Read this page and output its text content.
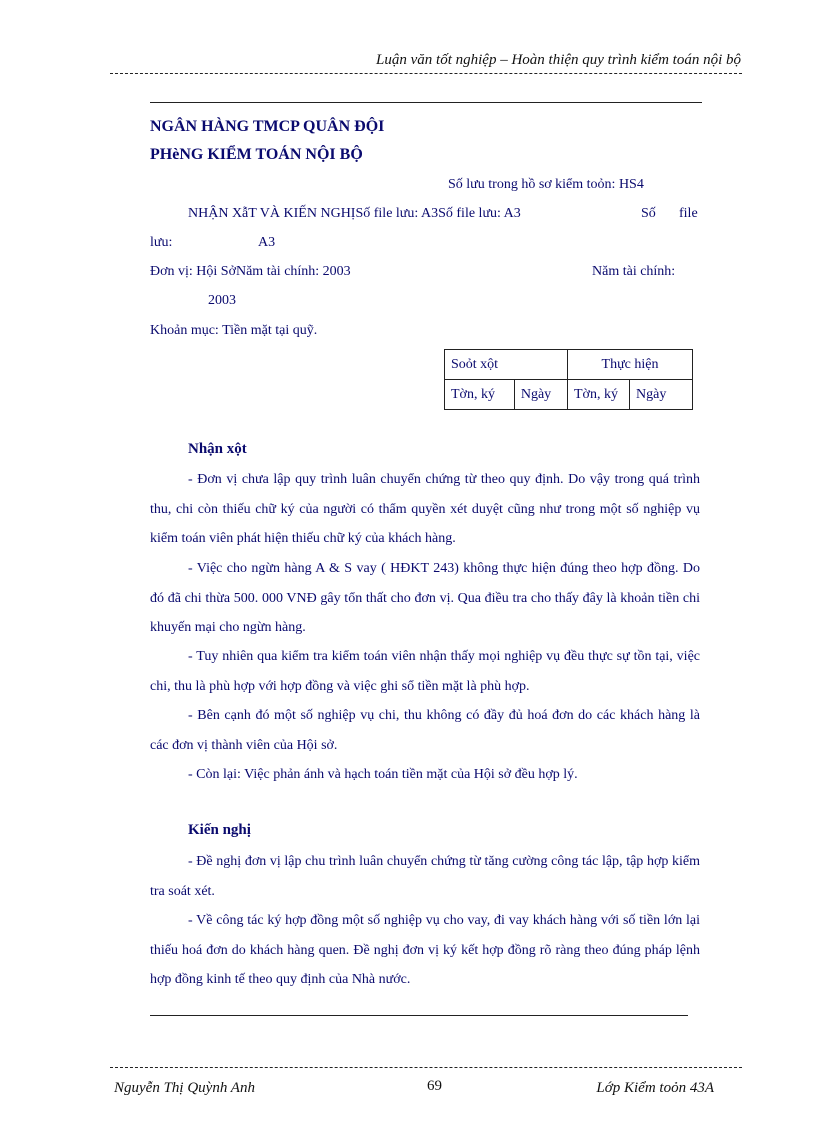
Luận văn tốt nghiệp – Hoàn thiện quy trình kiểm toán nội bộ
NGÂN HÀNG TMCP QUÂN ĐỘI
PHèNG KIỂM TOÁN NỘI BỘ
Số lưu trong hồ sơ kiểm toỏn: HS4
NHẬN XẫT VÀ KIẾN NGHỊSố file lưu: A3Số file lưu: A3	Số file
lưu:	A3
Đơn vị: Hội SởNăm tài chính: 2003	Năm tài chính:
2003
Khoản mục: Tiền mặt tại quỹ.
Soỏt xột		Thực hiện	
Tờn, ký	Ngày	Tờn, ký	Ngày
Nhận xột
- Đơn vị chưa lập quy trình luân chuyển chứng từ theo quy định. Do vậy trong quá trình thu, chi còn thiếu chữ ký của người có thẩm quyền xét duyệt cũng như trong một số nghiệp vụ kiểm toán viên phát hiện thiếu chữ ký của khách hàng.
- Việc cho ngừn hàng A & S vay ( HĐKT 243) không thực hiện đúng theo hợp đồng. Do đó đã chi thừa 500. 000 VNĐ gây tổn thất cho đơn vị. Qua điều tra cho thấy đây là khoản tiền chi khuyến mại cho ngừn hàng.
- Tuy nhiên qua kiểm tra kiểm toán viên nhận thấy mọi nghiệp vụ đều thực sự tồn tại, việc chi, thu là phù hợp với hợp đồng và việc ghi sổ tiền mặt là phù hợp.
- Bên cạnh đó một số nghiệp vụ chi, thu không có đầy đủ hoá đơn do các khách hàng là các đơn vị thành viên của Hội sở.
- Còn lại: Việc phản ánh và hạch toán tiền mặt của Hội sở đều hợp lý.
Kiến nghị
- Đề nghị đơn vị lập chu trình luân chuyển chứng từ tăng cường công tác lập, tập hợp kiểm tra soát xét.
- Về công tác ký hợp đồng một số nghiệp vụ cho vay, đi vay khách hàng với số tiền lớn lại thiếu hoá đơn do khách hàng quen. Đề nghị đơn vị ký kết hợp đồng rõ ràng theo đúng pháp lệnh hợp đồng kinh tế theo quy định của Nhà nước.
Nguyễn Thị Quỳnh Anh	69	Lớp Kiểm toỏn 43A
